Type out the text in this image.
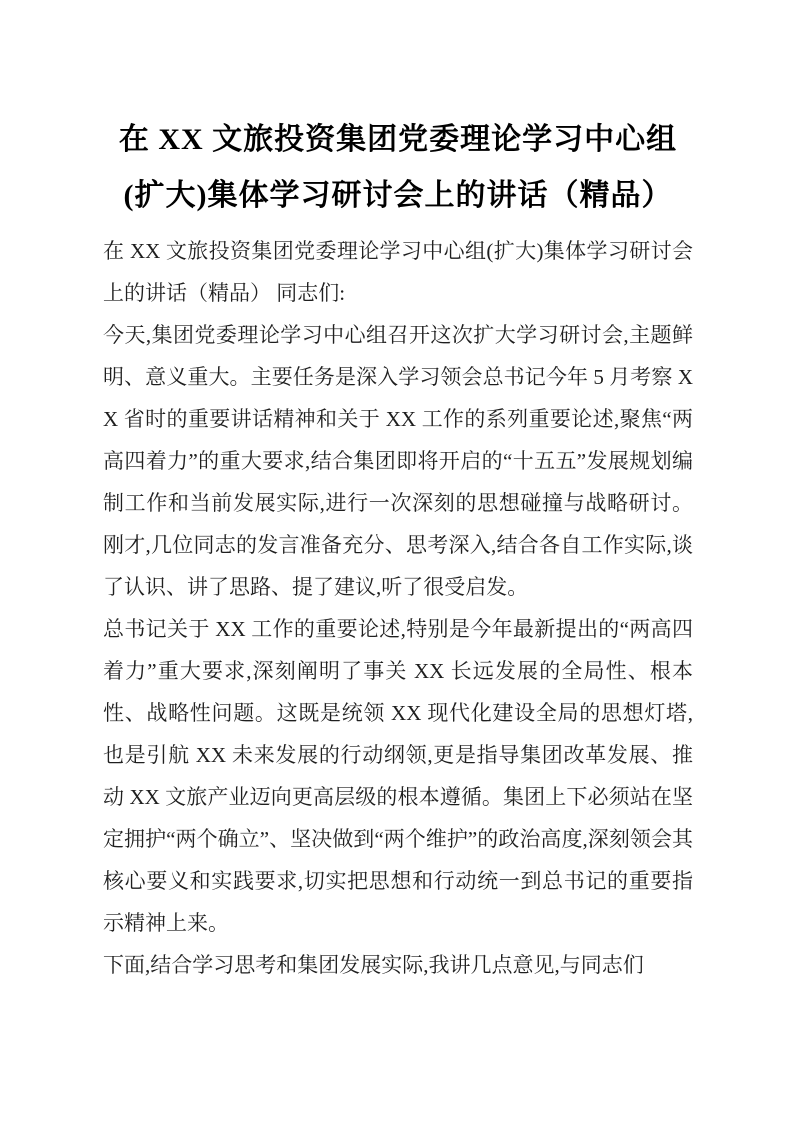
在 XX 文旅投资集团党委理论学习中心组(扩大)集体学习研讨会上的讲话（精品）

在 XX 文旅投资集团党委理论学习中心组(扩大)集体学习研讨会上的讲话（精品） 同志们:

今天,集团党委理论学习中心组召开这次扩大学习研讨会,主题鲜明、意义重大。主要任务是深入学习领会总书记今年 5 月考察 XX 省时的重要讲话精神和关于 XX 工作的系列重要论述,聚焦“两高四着力”的重大要求,结合集团即将开启的“十五五”发展规划编制工作和当前发展实际,进行一次深刻的思想碰撞与战略研讨。刚才,几位同志的发言准备充分、思考深入,结合各自工作实际,谈了认识、讲了思路、提了建议,听了很受启发。

总书记关于 XX 工作的重要论述,特别是今年最新提出的“两高四着力”重大要求,深刻阐明了事关 XX 长远发展的全局性、根本性、战略性问题。这既是统领 XX 现代化建设全局的思想灯塔,也是引航 XX 未来发展的行动纲领,更是指导集团改革发展、推动 XX 文旅产业迈向更高层级的根本遵循。集团上下必须站在坚定拥护“两个确立”、坚决做到“两个维护”的政治高度,深刻领会其核心要义和实践要求,切实把思想和行动统一到总书记的重要指示精神上来。

下面,结合学习思考和集团发展实际,我讲几点意见,与同志们
